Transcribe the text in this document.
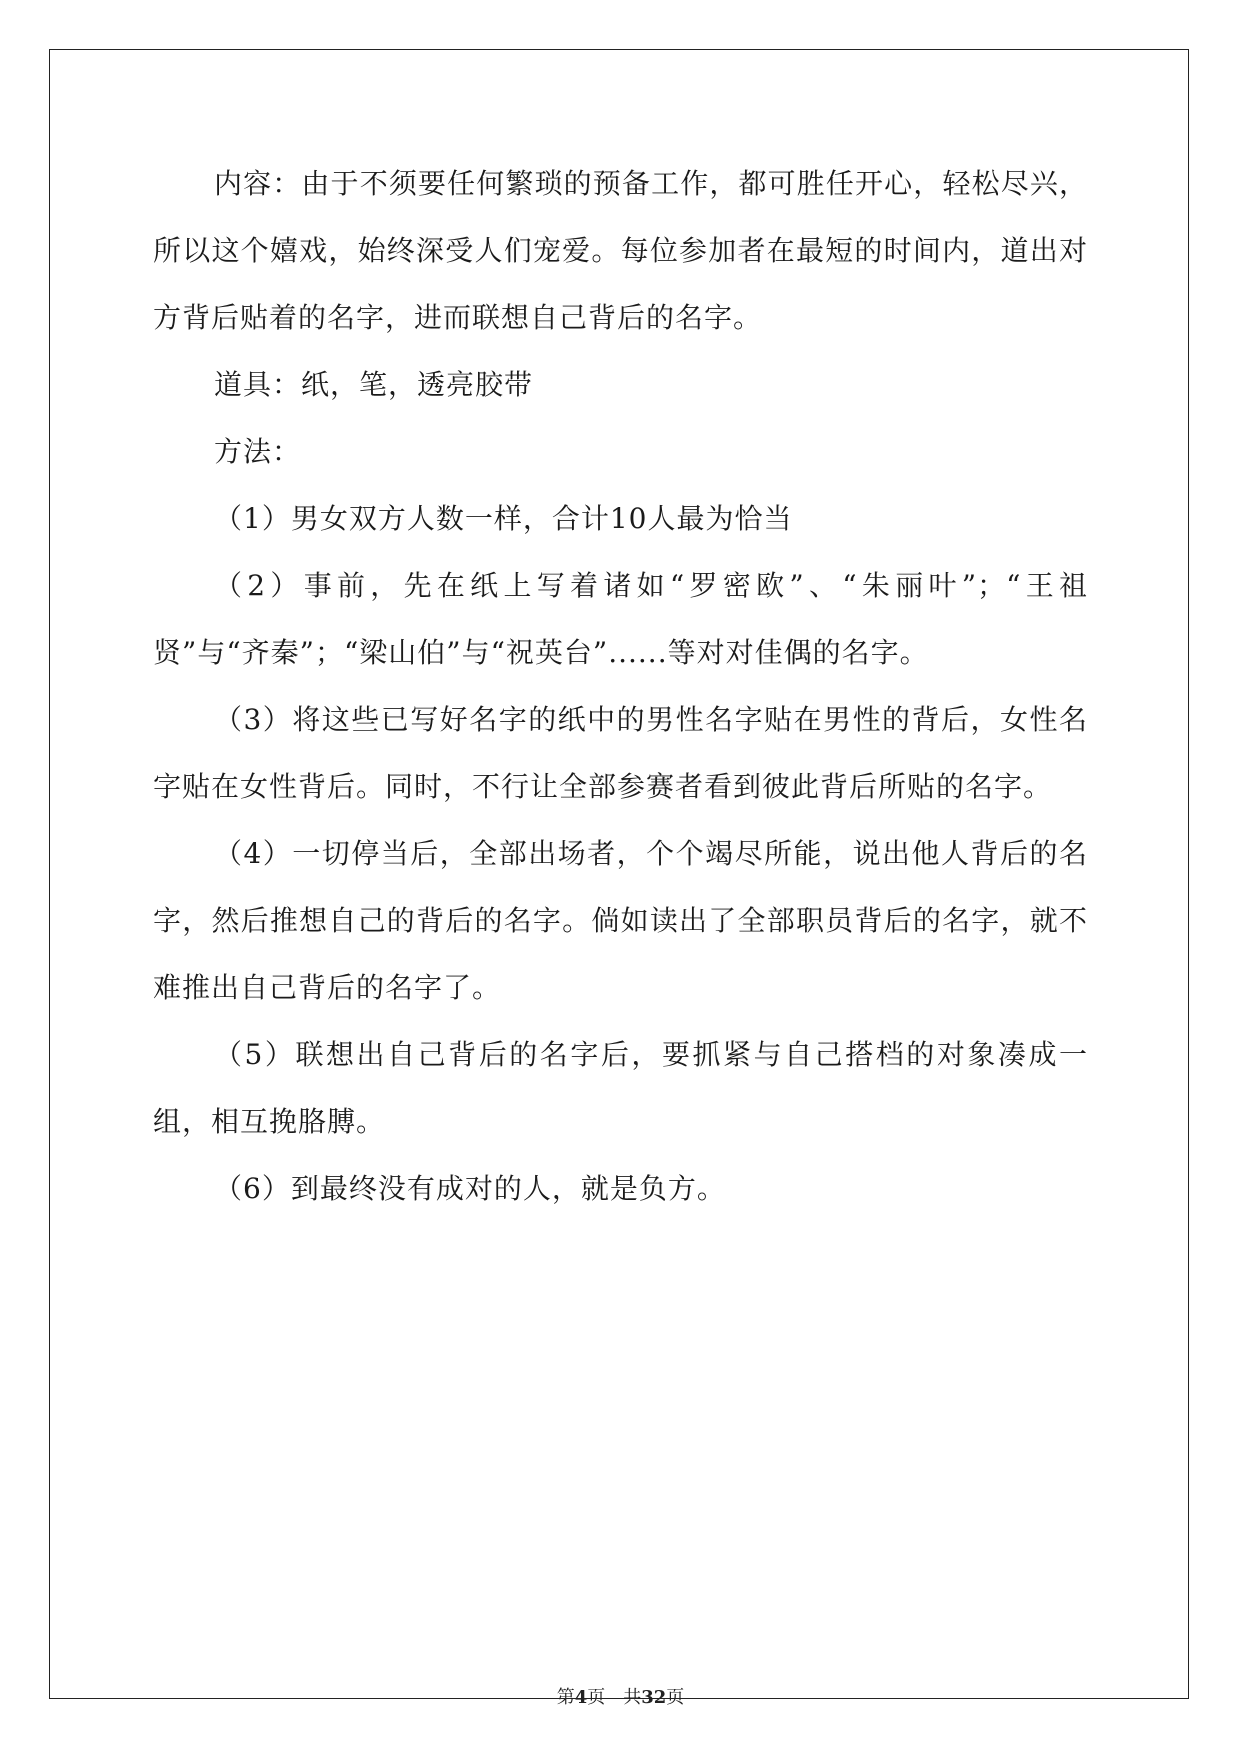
内容：由于不须要任何繁琐的预备工作，都可胜任开心，轻松尽兴，所以这个嬉戏，始终深受人们宠爱。每位参加者在最短的时间内，道出对方背后贴着的名字，进而联想自己背后的名字。

道具：纸，笔，透亮胶带

方法：

（1）男女双方人数一样，合计10人最为恰当

（2）事前，先在纸上写着诸如“罗密欧”、“朱丽叶”；“王祖贤”与“齐秦”；“梁山伯”与“祝英台”......等对对佳偶的名字。

（3）将这些已写好名字的纸中的男性名字贴在男性的背后，女性名字贴在女性背后。同时，不行让全部参赛者看到彼此背后所贴的名字。

（4）一切停当后，全部出场者，个个竭尽所能，说出他人背后的名字，然后推想自己的背后的名字。倘如读出了全部职员背后的名字，就不难推出自己背后的名字了。

（5）联想出自己背后的名字后，要抓紧与自己搭档的对象凑成一组，相互挽胳膊。

（6）到最终没有成对的人，就是负方。

第4页　共32页
